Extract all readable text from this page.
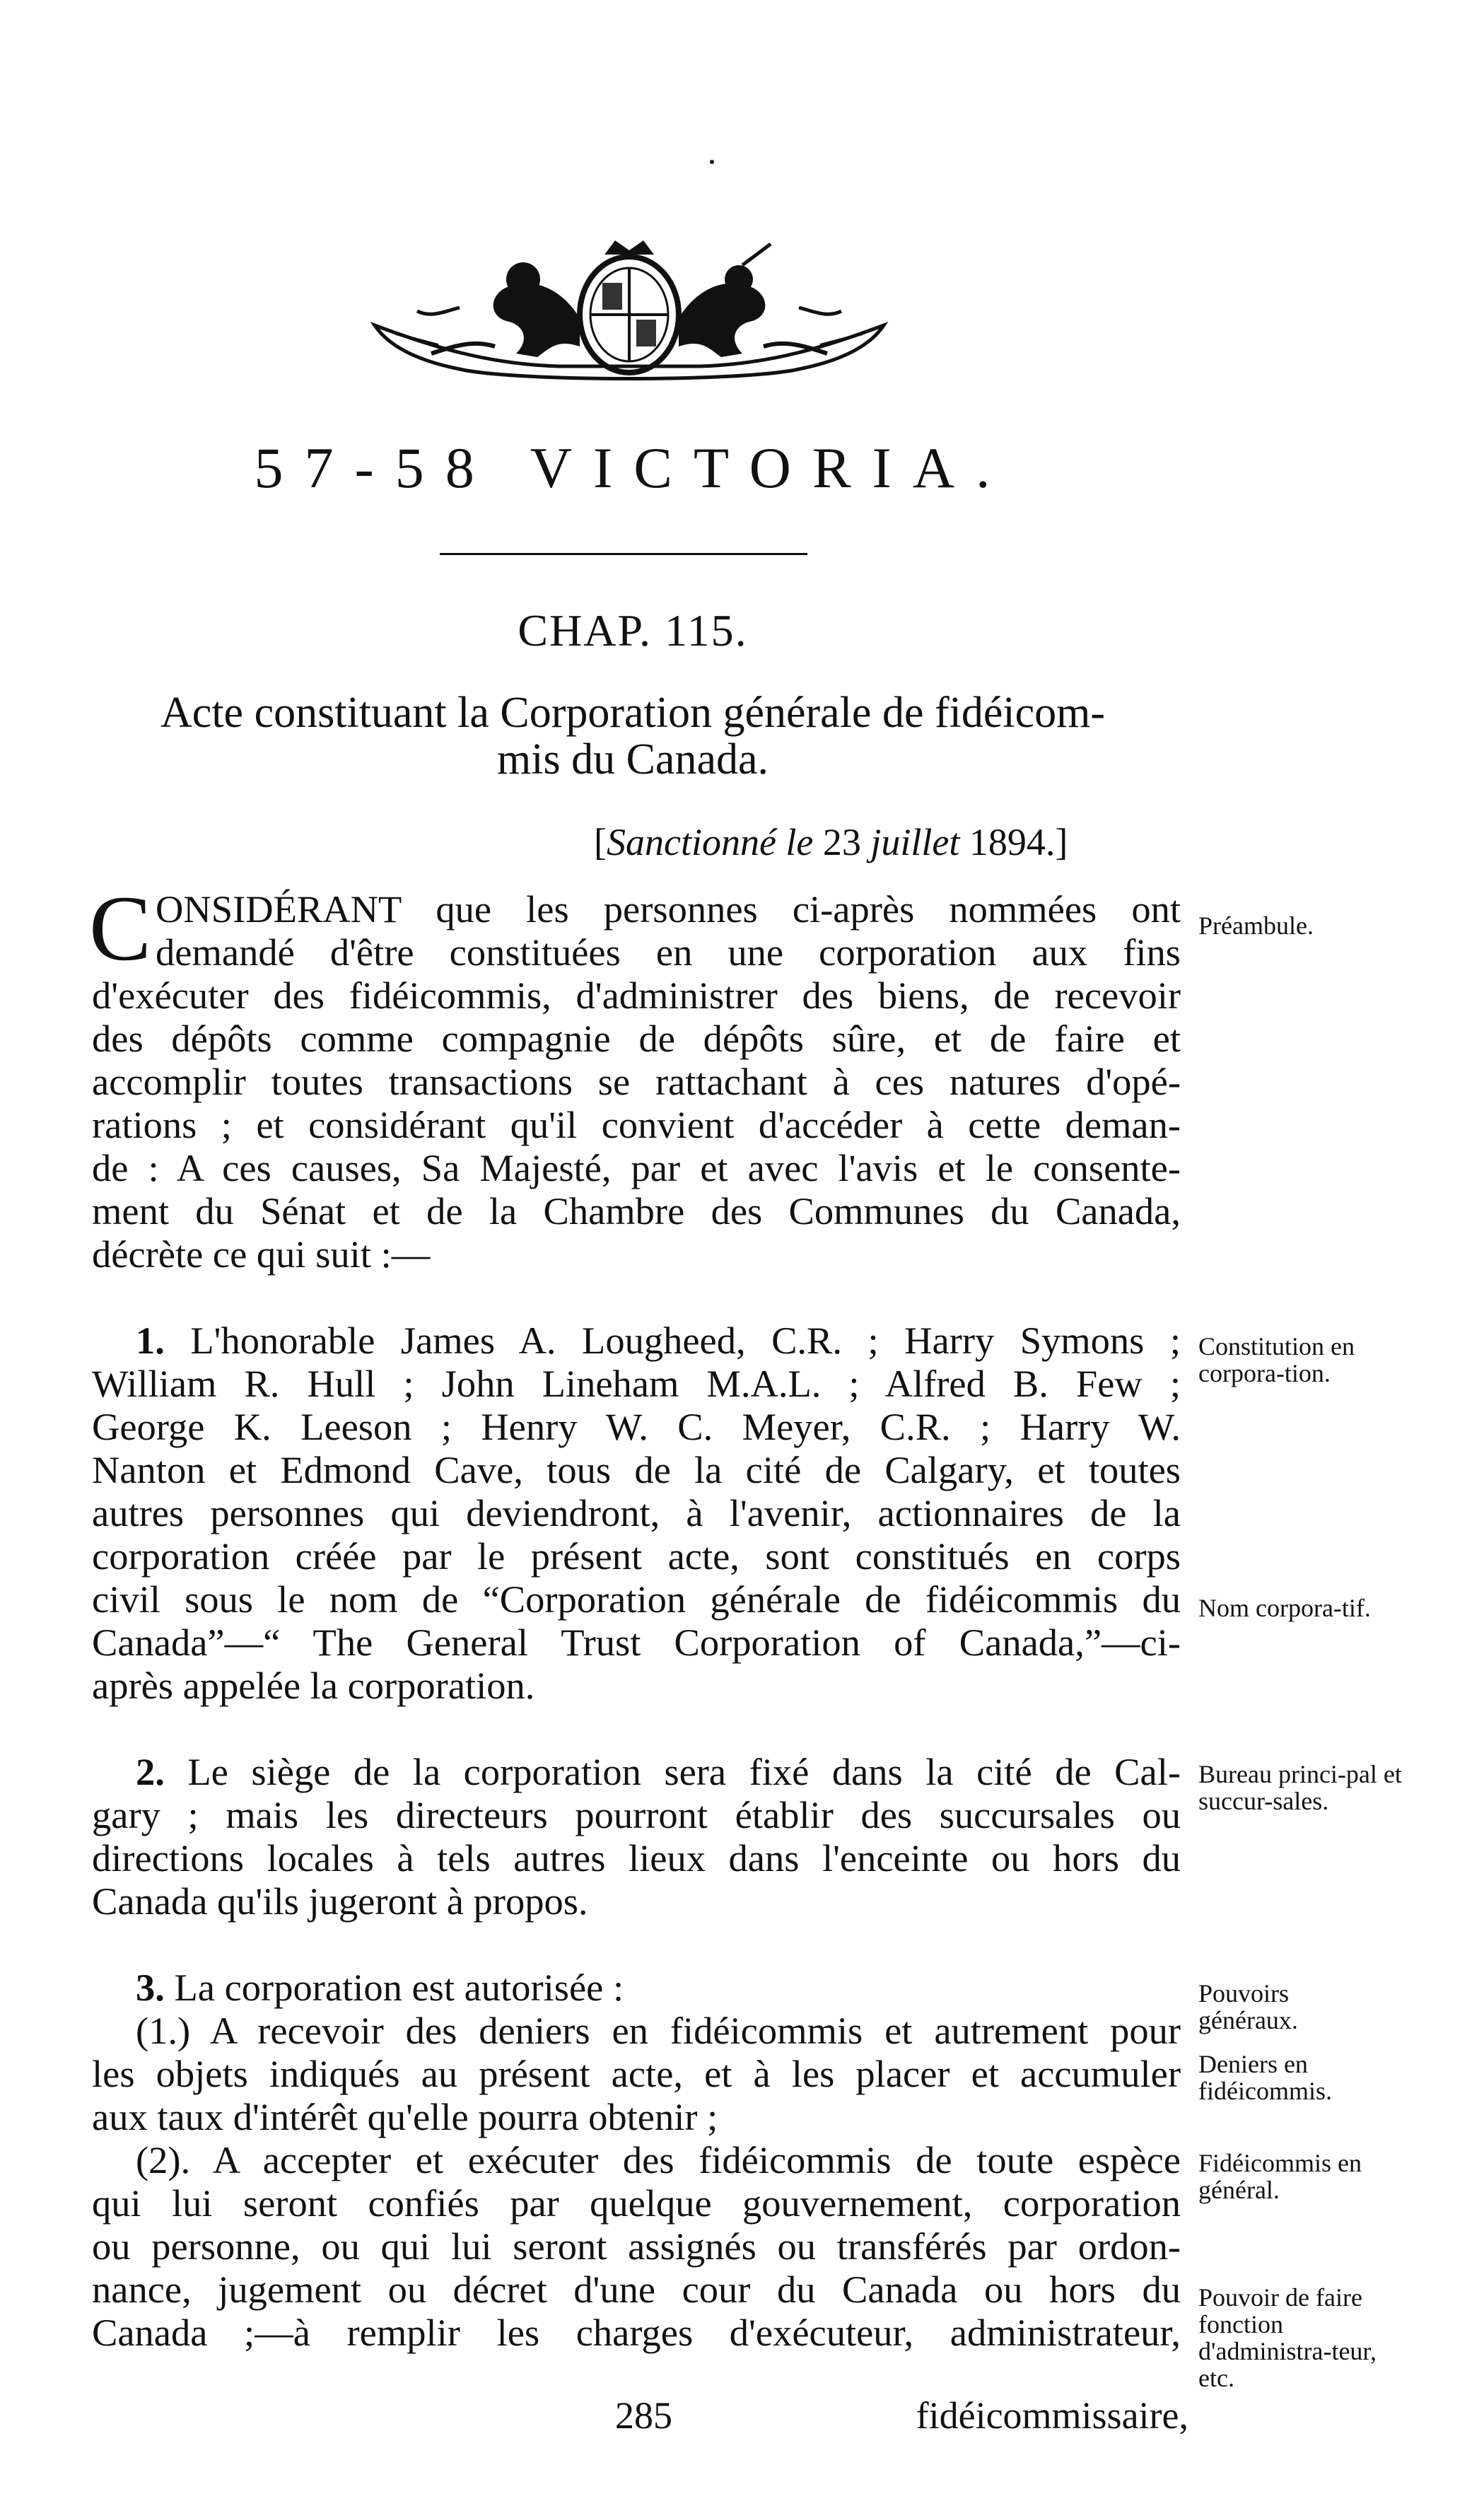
57-58 VICTORIA.
CHAP. 115.
Acte constituant la Corporation générale de fidéicom-
mis du Canada.
[Sanctionné le 23 juillet 1894.]
C ONSIDÉRANT que les personnes ci-après nommées ont
demandé d'être constituées en une corporation aux fins
d'exécuter des fidéicommis, d'administrer des biens, de recevoir
des dépôts comme compagnie de dépôts sûre, et de faire et
accomplir toutes transactions se rattachant à ces natures d'opé-
rations ; et considérant qu'il convient d'accéder à cette deman-
de : A ces causes, Sa Majesté, par et avec l'avis et le consente-
ment du Sénat et de la Chambre des Communes du Canada,
décrète ce qui suit :—
1. L'honorable James A. Lougheed, C.R. ; Harry Symons ;
William R. Hull ; John Lineham M.A.L. ; Alfred B. Few ;
George K. Leeson ; Henry W. C. Meyer, C.R. ; Harry W.
Nanton et Edmond Cave, tous de la cité de Calgary, et toutes
autres personnes qui deviendront, à l'avenir, actionnaires de la
corporation créée par le présent acte, sont constitués en corps
civil sous le nom de “Corporation générale de fidéicommis du
Canada”—“ The General Trust Corporation of Canada,”—ci-
après appelée la corporation.
2. Le siège de la corporation sera fixé dans la cité de Cal-
gary ; mais les directeurs pourront établir des succursales ou
directions locales à tels autres lieux dans l'enceinte ou hors du
Canada qu'ils jugeront à propos.
3. La corporation est autorisée :
(1.) A recevoir des deniers en fidéicommis et autrement pour
les objets indiqués au présent acte, et à les placer et accumuler
aux taux d'intérêt qu'elle pourra obtenir ;
(2). A accepter et exécuter des fidéicommis de toute espèce
qui lui seront confiés par quelque gouvernement, corporation
ou personne, ou qui lui seront assignés ou transférés par ordon-
nance, jugement ou décret d'une cour du Canada ou hors du
Canada ;—à remplir les charges d'exécuteur, administrateur,
Préambule.
Constitution en corpora-tion.
Nom corpora-tif.
Bureau princi-pal et succur-sales.
Pouvoirs généraux.
Deniers en fidéicommis.
Fidéicommis en général.
Pouvoir de faire fonction d'administra-teur, etc.
285	fidéicommissaire,
